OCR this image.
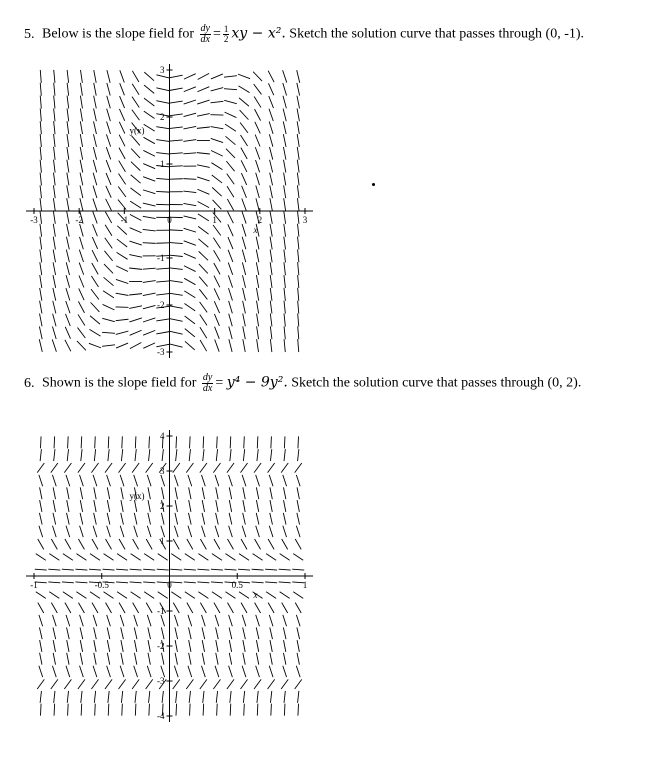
5. Below is the slope field for $\frac{dy}{dx} = \frac{1}{2}$ xy − x². Sketch the solution curve that passes through (0, -1).
6. Shown is the slope field for $\frac{dy}{dx} = y^4 - 9y^2$. Sketch the solution curve that passes through (0, 2).
-3	-2	-1	0	1	2	3
-3
-2
-1
1
2
3
x
y(x)
-1	-0.5	0	0.5	1
-4
-3
-2
-1
1
2
3
4
x
y(x)
